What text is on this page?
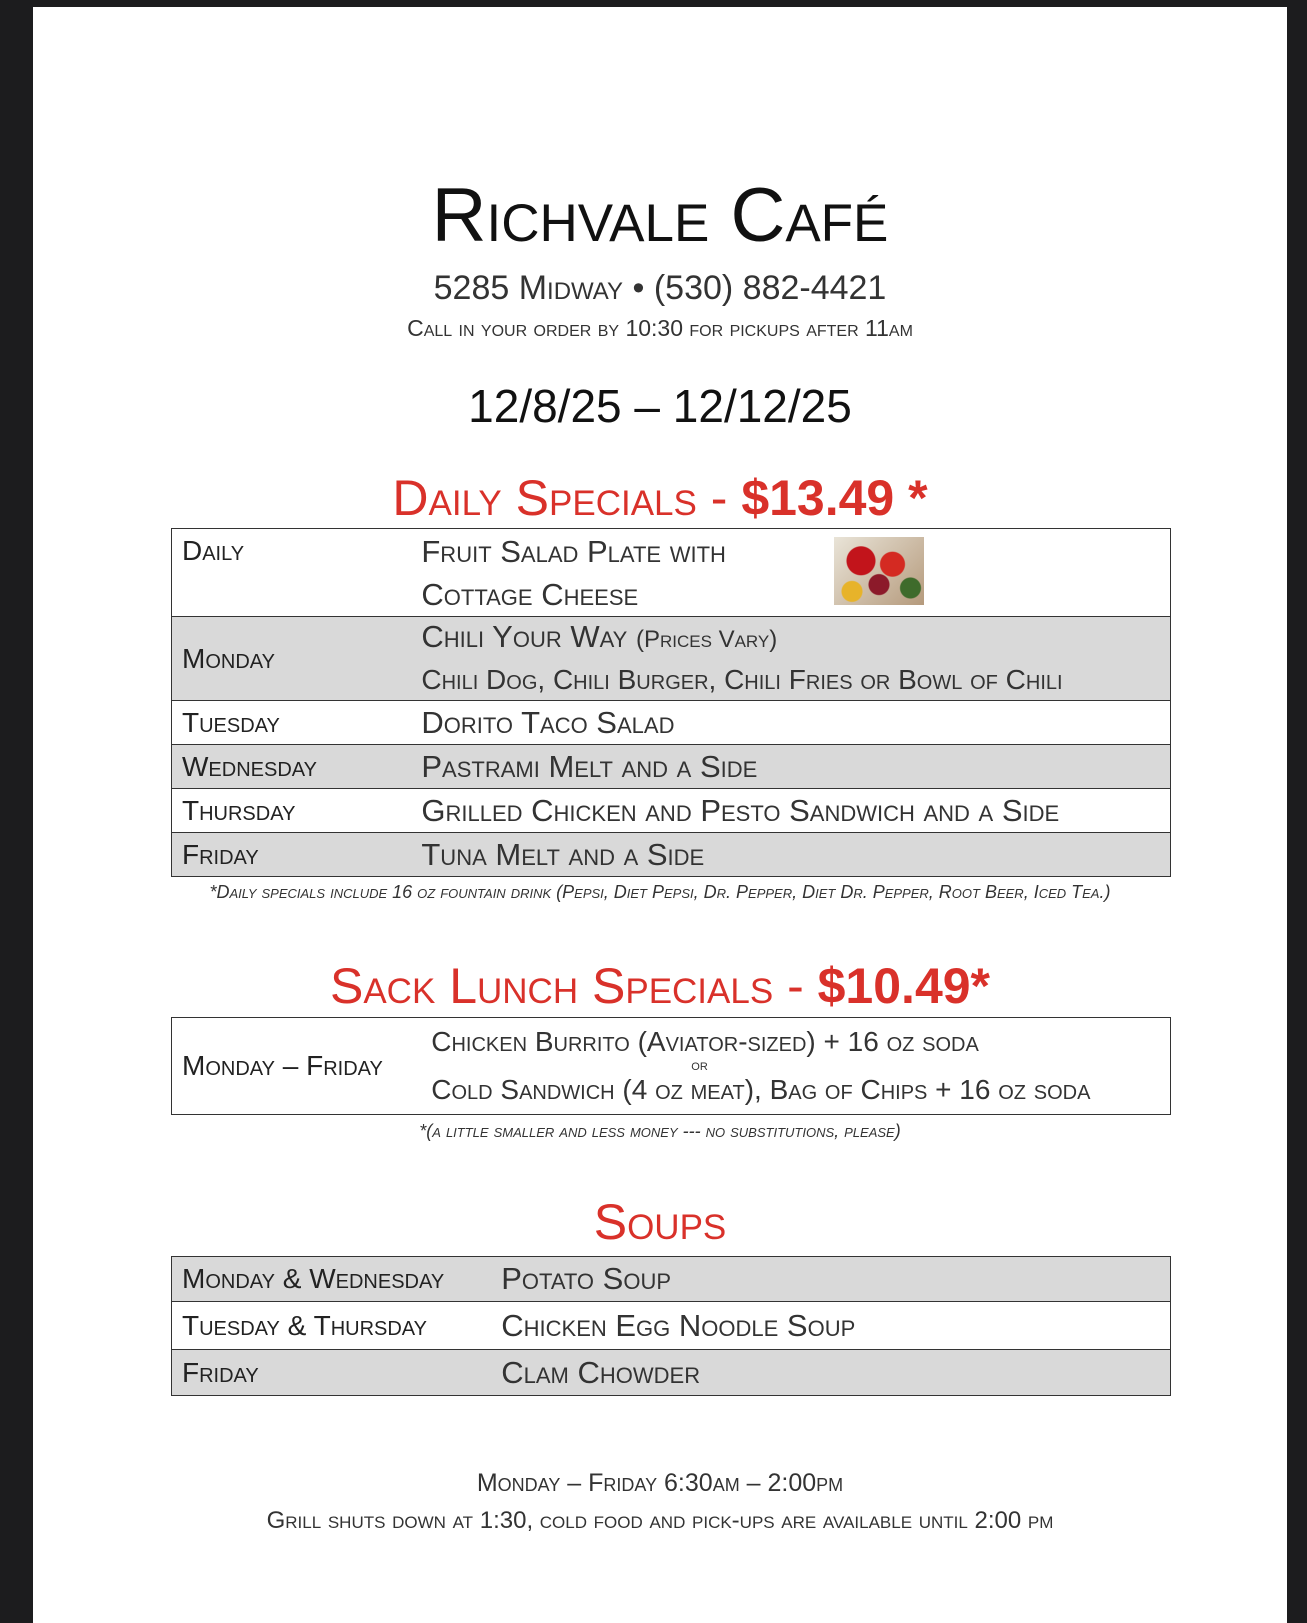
Richvale Café
5285 Midway • (530) 882-4421
Call in your order by 10:30 for pickups after 11am
12/8/25 – 12/12/25
Daily Specials - $13.49 *
Daily	Fruit Salad Plate with
Cottage Cheese

Monday	Chili Your Way (Prices Vary)
Chili Dog, Chili Burger, Chili Fries or Bowl of Chili

Tuesday	Dorito Taco Salad
Wednesday	Pastrami Melt and a Side
Thursday	Grilled Chicken and Pesto Sandwich and a Side
Friday	Tuna Melt and a Side
*Daily specials include 16 oz fountain drink (Pepsi, Diet Pepsi, Dr. Pepper, Diet Dr. Pepper, Root Beer, Iced Tea.)
Sack Lunch Specials - $10.49*
Monday – Friday	
Chicken Burrito (Aviator-sized) + 16 oz soda
or
Cold Sandwich (4 oz meat), Bag of Chips + 16 oz soda
*(a little smaller and less money --- no substitutions, please)
Soups
Monday & Wednesday	Potato Soup
Tuesday & Thursday	Chicken Egg Noodle Soup
Friday	Clam Chowder
Monday – Friday 6:30am – 2:00pm
Grill shuts down at 1:30, cold food and pick-ups are available until 2:00 pm
